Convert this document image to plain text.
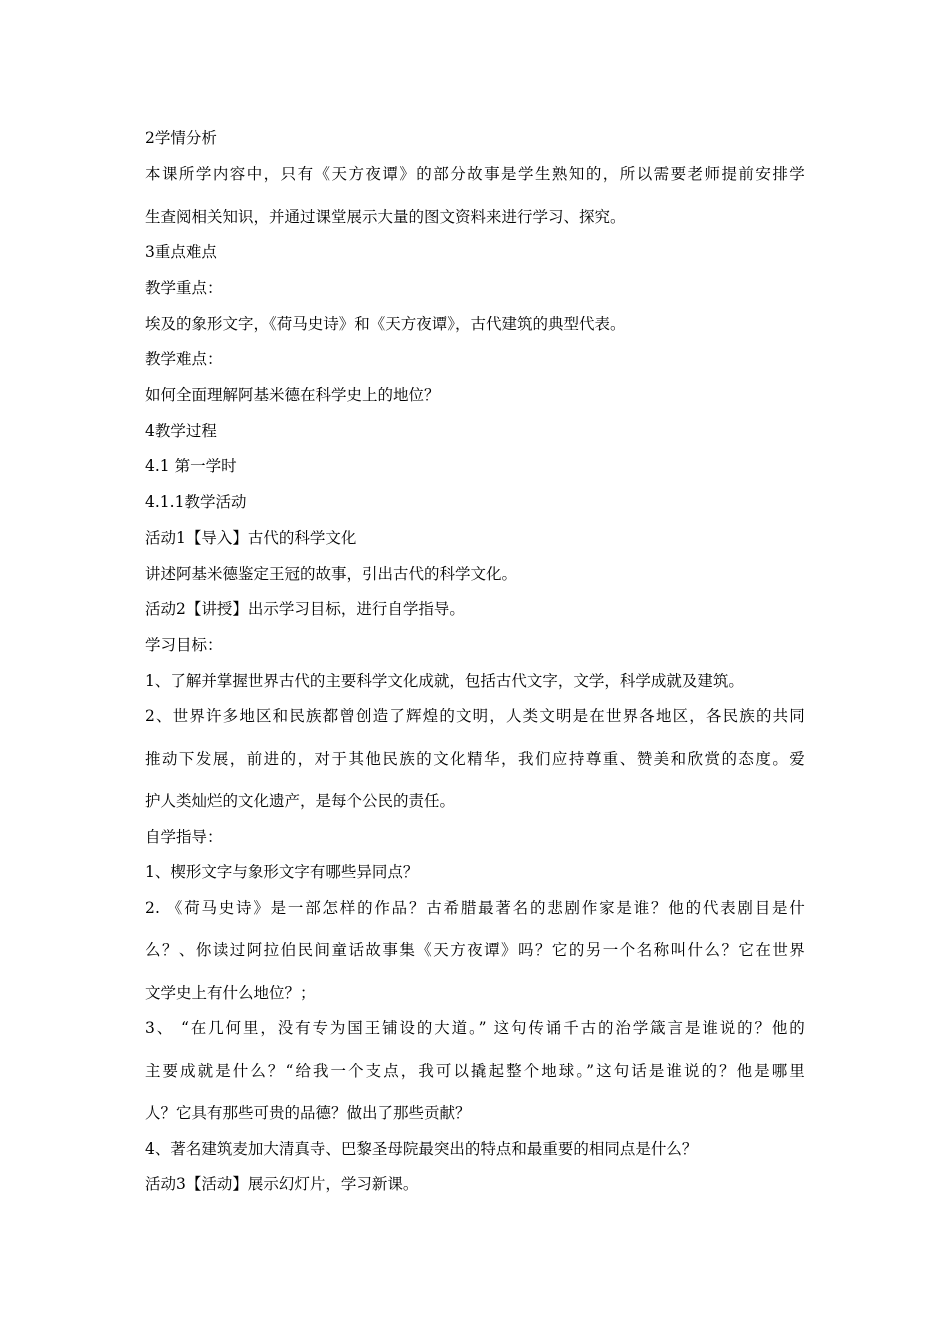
2学情分析
本课所学内容中，只有《天方夜谭》的部分故事是学生熟知的，所以需要老师提前安排学
生查阅相关知识，并通过课堂展示大量的图文资料来进行学习、探究。
3重点难点
教学重点：
埃及的象形文字，《荷马史诗》和《天方夜谭》，古代建筑的典型代表。
教学难点：
如何全面理解阿基米德在科学史上的地位？
4教学过程
4.1 第一学时
4.1.1教学活动
活动1【导入】古代的科学文化
讲述阿基米德鉴定王冠的故事，引出古代的科学文化。
活动2【讲授】出示学习目标，进行自学指导。
学习目标：
1、了解并掌握世界古代的主要科学文化成就，包括古代文字，文学，科学成就及建筑。
2、世界许多地区和民族都曾创造了辉煌的文明，人类文明是在世界各地区，各民族的共同
推动下发展，前进的，对于其他民族的文化精华，我们应持尊重、赞美和欣赏的态度。爱
护人类灿烂的文化遗产，是每个公民的责任。
自学指导：
1、楔形文字与象形文字有哪些异同点？
2. 《荷马史诗》是一部怎样的作品？古希腊最著名的悲剧作家是谁？他的代表剧目是什
么？、你读过阿拉伯民间童话故事集《天方夜谭》吗？它的另一个名称叫什么？它在世界
文学史上有什么地位？；
3、 “在几何里，没有专为国王铺设的大道。” 这句传诵千古的治学箴言是谁说的？他的
主要成就是什么？“给我一个支点，我可以撬起整个地球。”这句话是谁说的？他是哪里
人？它具有那些可贵的品德？做出了那些贡献？
4、著名建筑麦加大清真寺、巴黎圣母院最突出的特点和最重要的相同点是什么？
活动3【活动】展示幻灯片，学习新课。
